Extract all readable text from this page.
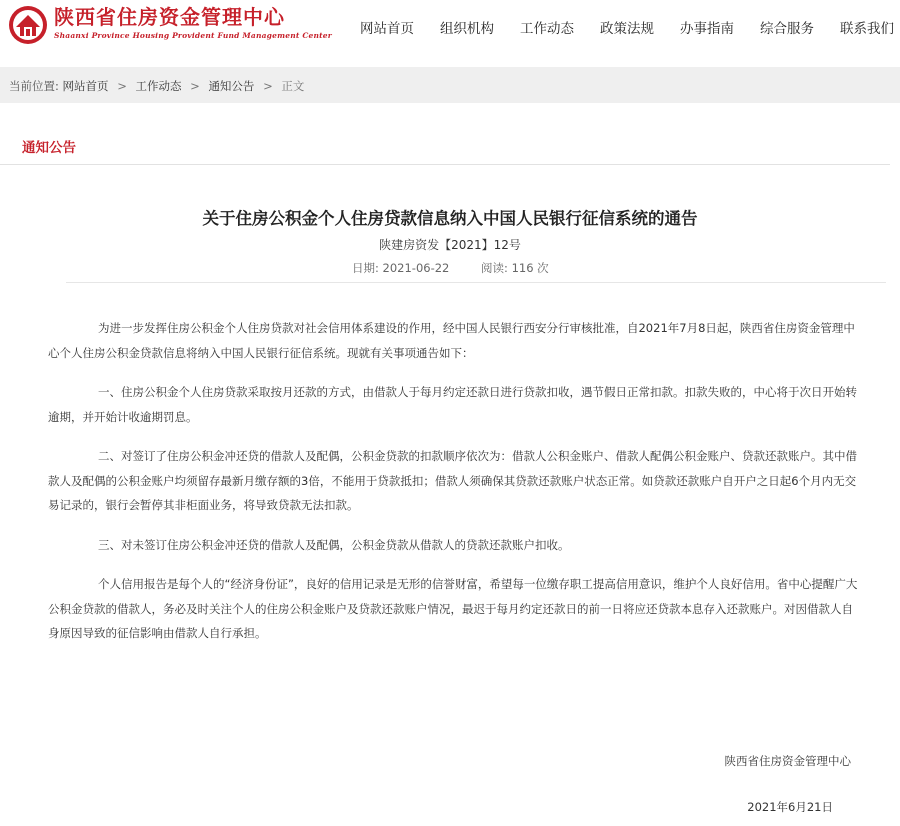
陕西省住房资金管理中心
Shaanxi Province Housing Provident Fund Management Center 网站首页 组织机构 工作动态 政策法规 办事指南 综合服务 联系我们
当前位置: 网站首页 > 工作动态 > 通知公告 > 正文
通知公告
关于住房公积金个人住房贷款信息纳入中国人民银行征信系统的通告
陕建房资发【2021】12号
日期: 2021-06-22	阅读: 116 次

为进一步发挥住房公积金个人住房贷款对社会信用体系建设的作用，经中国人民银行西安分行审核批准，自2021年7月8日起，陕西省住房资金管理中心个人住房公积金贷款信息将纳入中国人民银行征信系统。现就有关事项通告如下：

一、住房公积金个人住房贷款采取按月还款的方式，由借款人于每月约定还款日进行贷款扣收，遇节假日正常扣款。扣款失败的，中心将于次日开始转逾期，并开始计收逾期罚息。

二、对签订了住房公积金冲还贷的借款人及配偶，公积金贷款的扣款顺序依次为：借款人公积金账户、借款人配偶公积金账户、贷款还款账户。其中借款人及配偶的公积金账户均须留存最新月缴存额的3倍，不能用于贷款抵扣；借款人须确保其贷款还款账户状态正常。如贷款还款账户自开户之日起6个月内无交易记录的，银行会暂停其非柜面业务，将导致贷款无法扣款。

三、对未签订住房公积金冲还贷的借款人及配偶，公积金贷款从借款人的贷款还款账户扣收。

个人信用报告是每个人的“经济身份证”，良好的信用记录是无形的信誉财富，希望每一位缴存职工提高信用意识，维护个人良好信用。省中心提醒广大公积金贷款的借款人，务必及时关注个人的住房公积金账户及贷款还款账户情况，最迟于每月约定还款日的前一日将应还贷款本息存入还款账户。对因借款人自身原因导致的征信影响由借款人自行承担。

陕西省住房资金管理中心
2021年6月21日
